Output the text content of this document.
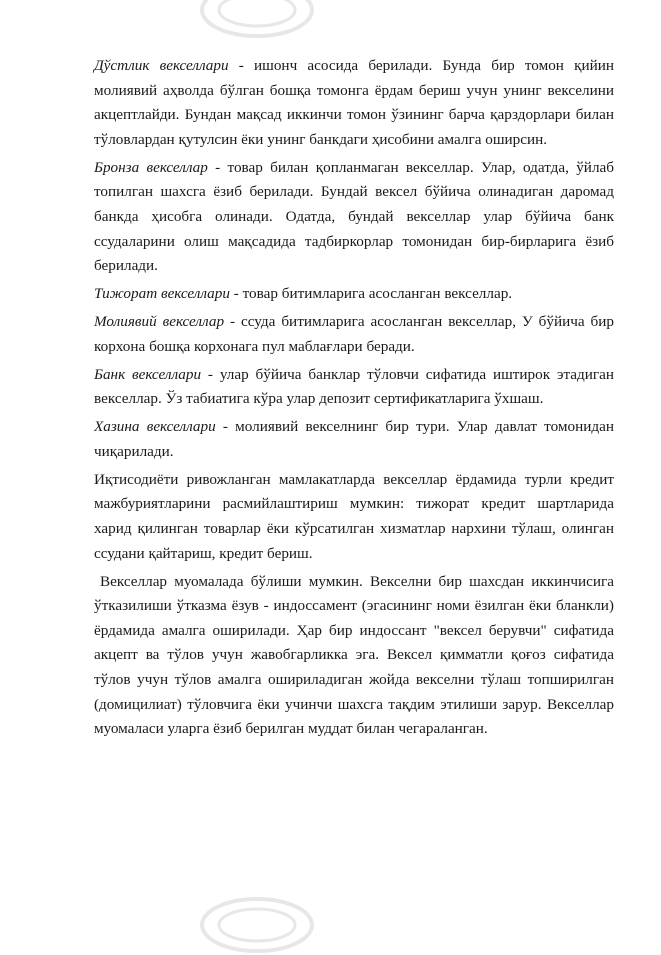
Дўстлик векселлари - ишонч асосида берилади. Бунда бир томон қийин молиявий аҳволда бўлган бошқа томонга ёрдам бериш учун унинг векселини акцептлайди. Бундан мақсад иккинчи томон ўзининг барча қарздорлари билан тўловлардан қутулсин ёки унинг банкдаги ҳисобини амалга оширсин.

Бронза векселлар - товар билан қопланмаган векселлар. Улар, одатда, ўйлаб топилган шахсга ёзиб берилади. Бундай вексел бўйича олинадиган даромад банкда ҳисобга олинади. Одатда, бундай векселлар улар бўйича банк ссудаларини олиш мақсадида тадбиркорлар томонидан бир-бирларига ёзиб берилади.

Тижорат векселлари - товар битимларига асосланган векселлар.

Молиявий векселлар - ссуда битимларига асосланган векселлар, У бўйича бир корхона бошқа корхонага пул маблағлари беради.

Банк векселлари - улар бўйича банклар тўловчи сифатида иштирок этадиган векселлар. Ўз табиатига кўра улар депозит сертификатларига ўхшаш.

Хазина векселлари - молиявий векселнинг бир тури. Улар давлат томонидан чиқарилади.

Иқтисодиёти ривожланган мамлакатларда векселлар ёрдамида турли кредит мажбуриятларини расмийлаштириш мумкин: тижорат кредит шартларида харид қилинган товарлар ёки кўрсатилган хизматлар нархини тўлаш, олинган ссудани қайтариш, кредит бериш.

Векселлар муомалада бўлиши мумкин. Векселни бир шахсдан иккинчисига ўтказилиши ўтказма ёзув - индоссамент (эгасининг номи ёзилган ёки бланкли) ёрдамида амалга оширилади. Ҳар бир индоссант "вексел берувчи" сифатида акцепт ва тўлов учун жавобгарликка эга. Вексел қимматли қоғоз сифатида тўлов учун тўлов амалга ошириладиган жойда векселни тўлаш топширилган (домицилиат) тўловчига ёки учинчи шахсга тақдим этилиши зарур. Векселлар муомаласи уларга ёзиб берилган муддат билан чегараланган.
